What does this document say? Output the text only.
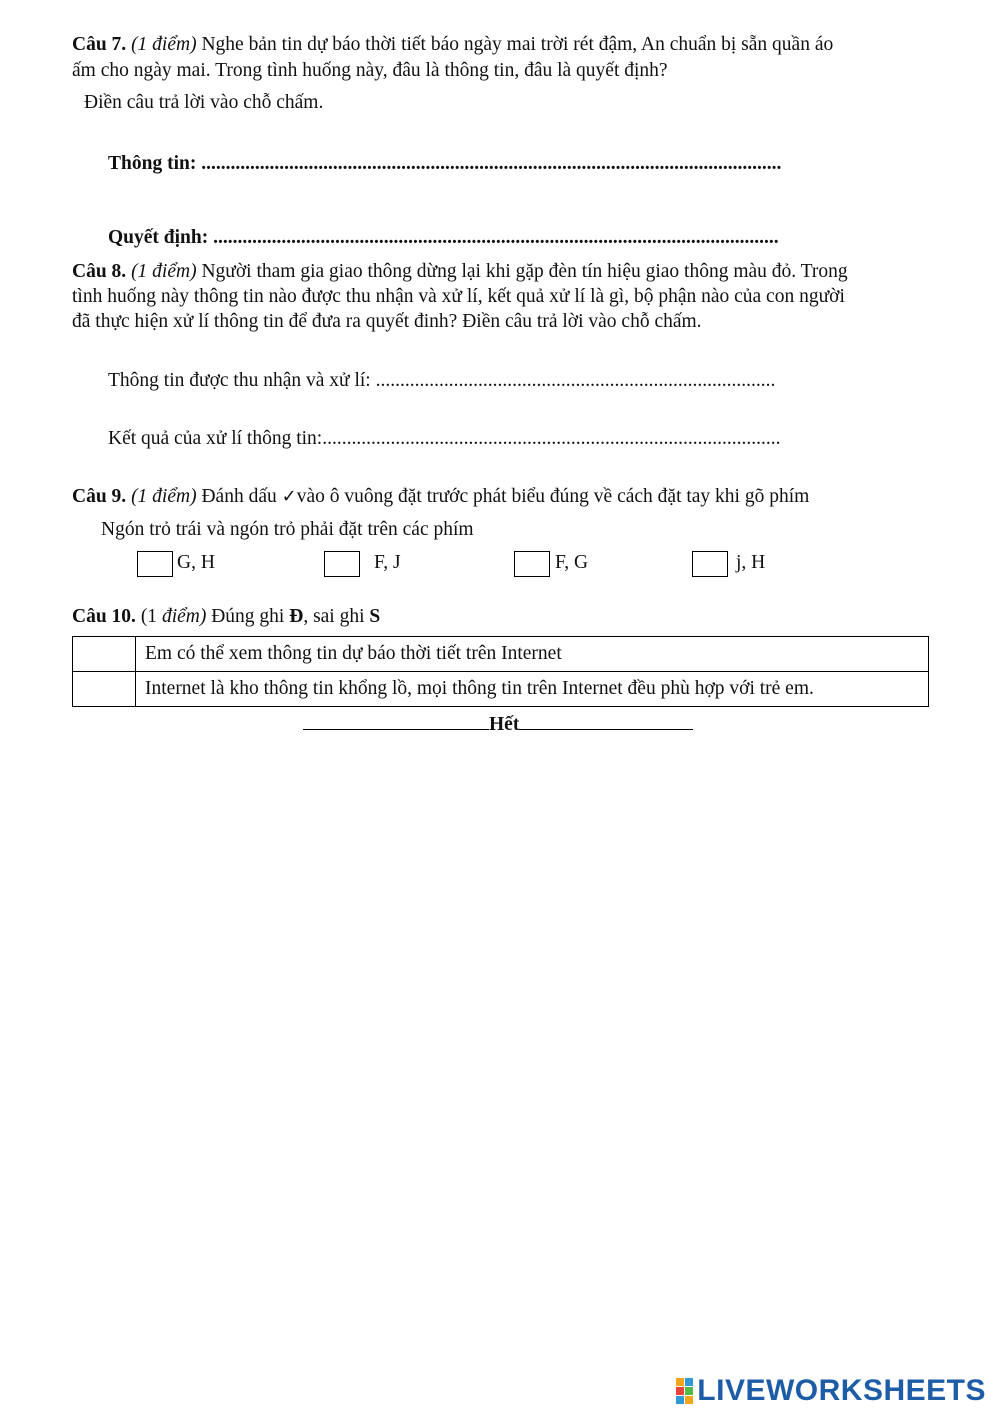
Câu 7. (1 điểm) Nghe bản tin dự báo thời tiết báo ngày mai trời rét đậm, An chuẩn bị sẵn quần áo
ấm cho ngày mai. Trong tình huống này, đâu là thông tin, đâu là quyết định?
Điền câu trả lời vào chỗ chấm.
Thông tin: .......................................................................................................................
Quyết định: ....................................................................................................................
Câu 8. (1 điểm) Người tham gia giao thông dừng lại khi gặp đèn tín hiệu giao thông màu đỏ. Trong
tình huống này thông tin nào được thu nhận và xử lí, kết quả xử lí là gì, bộ phận nào của con người
đã thực hiện xử lí thông tin để đưa ra quyết đinh? Điền câu trả lời vào chỗ chấm.
Thông tin được thu nhận và xử lí: ..................................................................................
Kết quả của xử lí thông tin:..............................................................................................
Câu 9. (1 điểm) Đánh dấu ✓vào ô vuông đặt trước phát biểu đúng về cách đặt tay khi gõ phím
Ngón trỏ trái và ngón trỏ phải đặt trên các phím
G, H	F, J	F, G	j, H
Câu 10. (1 điểm) Đúng ghi Đ, sai ghi S
	Em có thể xem thông tin dự báo thời tiết trên Internet
	Internet là kho thông tin khổng lồ, mọi thông tin trên Internet đều phù hợp với trẻ em.
Hết
LIVEWORKSHEETS
